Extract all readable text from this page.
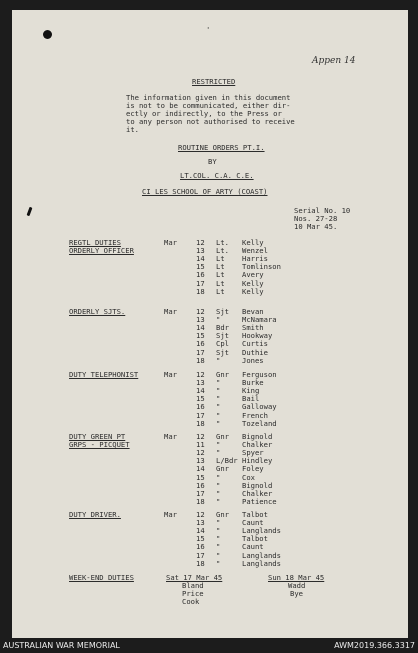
'
Appen 14
RESTRICTED
The information given in this document
is not to be communicated, either dir-
ectly or indirectly, to the Press or
to any person not authorised to receive
it.
ROUTINE ORDERS PT.I.
BY
LT.COL. C.A. C.E.
CI LES SCHOOL OF ARTY (COAST)
Serial No. 10
Nos. 27-28
10 Mar 45.
REGTL DUTIES
ORDERLY OFFICER
Mar	12 Lt. Kelly
13 Lt. Wenzel
14 Lt Harris
15 Lt Tomlinson
16 Lt Avery
17 Lt Kelly
18 Lt Kelly
ORDERLY SJTS.	Mar	12 Sjt Bevan
13 "	McNamara
14 Bdr Smith
15 Sjt Hookway
16 Cpl Curtis
17 Sjt Duthie
18 "	Jones
DUTY TELEPHONIST	Mar	12 Gnr Ferguson
13 "	Burke
14 "	King
15 "	Bail
16 "	Galloway
17 "	French
18 "	Tozeland
DUTY GREEN PT
GRPS - PICQUET
Mar	12 Gnr Bignold
11 "	Chalker
12 "	Spyer
13 L/Bdr Hindley
14 Gnr Foley
15 "	Cox
16 "	Bignold
17 "	Chalker
18 "	Patience
DUTY DRIVER.	Mar	12 Gnr Talbot
13 "	Caunt
14 "	Langlands
15 "	Talbot
16 "	Caunt
17 "	Langlands
18 "	Langlands
WEEK-END DUTIES	Sat 17 Mar 45
Bland
Price
Cook
Sun 18 Mar 45
Wadd
Bye
AUSTRALIAN WAR MEMORIAL	AWM2019.366.3317
